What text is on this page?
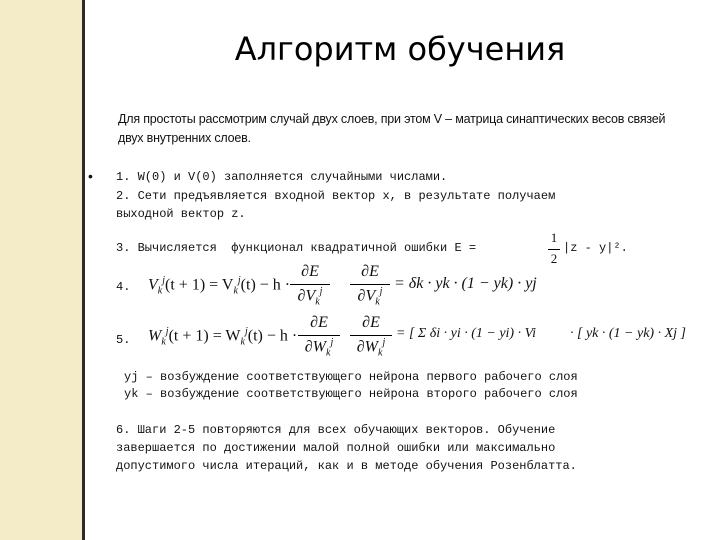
Алгоритм обучения
Для простоты рассмотрим случай двух слоев, при этом V – матрица синаптических весов связей двух внутренних слоев.
• 1. W(0) и V(0) заполняется случайными числами.
2. Сети предъявляется входной вектор x, в результате получаем
выходной вектор z.
3. Вычисляется  функционал квадратичной ошибки E =
1
2
|z - y|².
4. $V_k^j(t + 1) = V_k^j(t) - h$ ·
∂E
$\partial V_k^j$
∂E
$\partial V_k^j = \delta k$ · yk · (1 − yk) · yj
5. $W_k^j(t + 1) = W_k^j(t) - h$ ·
∂E
$\partial W_k^j$
∂E
$\partial W_k^j$
= [ Σ δi · yi · (1 − yi) · Vi · [ yk · (1 − yk) · Xj ]
yj – возбуждение соответствующего нейрона первого рабочего слоя
yk – возбуждение соответствующего нейрона второго рабочего слоя
6. Шаги 2-5 повторяются для всех обучающих векторов. Обучение
завершается по достижении малой полной ошибки или максимально
допустимого числа итераций, как и в методе обучения Розенблатта.
